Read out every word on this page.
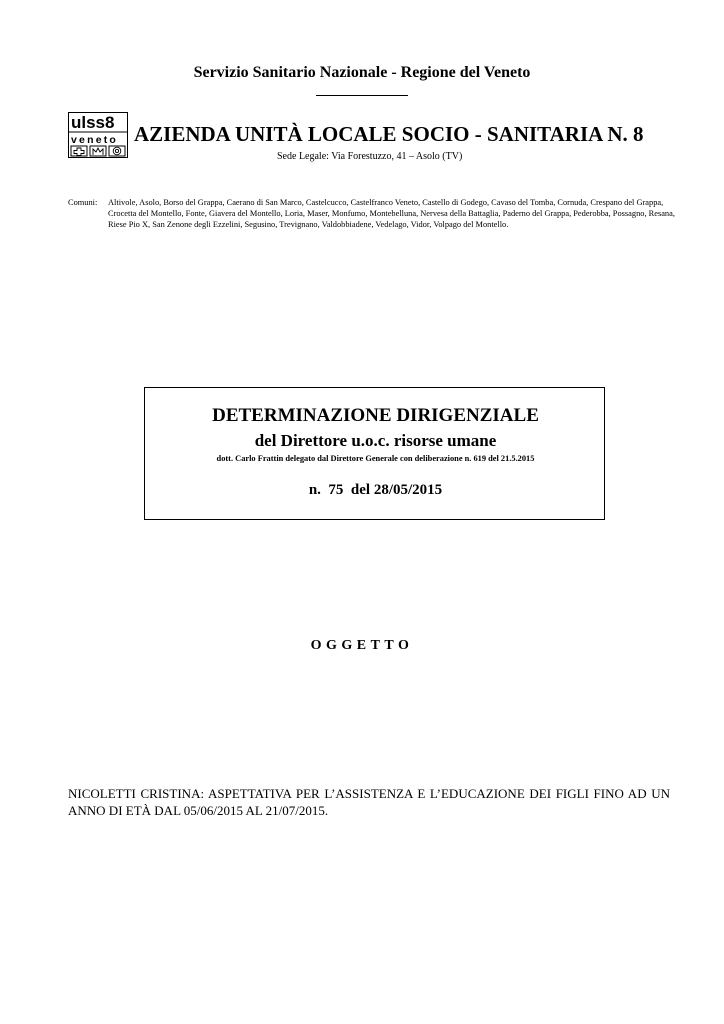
Servizio Sanitario Nazionale - Regione del Veneto
ulss8
veneto AZIENDA UNITÀ LOCALE SOCIO - SANITARIA N. 8
Sede Legale: Via Forestuzzo, 41 – Asolo (TV)
Comuni: Altivole, Asolo, Borso del Grappa, Caerano di San Marco, Castelcucco, Castelfranco Veneto, Castello di Godego, Cavaso del Tomba, Cornuda, Crespano del Grappa, Crocetta del Montello, Fonte, Giavera del Montello, Loria, Maser, Monfumo, Montebelluna, Nervesa della Battaglia, Paderno del Grappa, Pederobba, Possagno, Resana, Riese Pio X, San Zenone degli Ezzelini, Segusino, Trevignano, Valdobbiadene, Vedelago, Vidor, Volpago del Montello.
DETERMINAZIONE DIRIGENZIALE
del Direttore u.o.c. risorse umane
dott. Carlo Frattin delegato dal Direttore Generale con deliberazione n. 619 del 21.5.2015
n.  75  del 28/05/2015
OGGETTO
NICOLETTI CRISTINA: ASPETTATIVA PER L’ASSISTENZA E L’EDUCAZIONE DEI FIGLI FINO AD UN ANNO DI ETÀ DAL 05/06/2015 AL 21/07/2015.
